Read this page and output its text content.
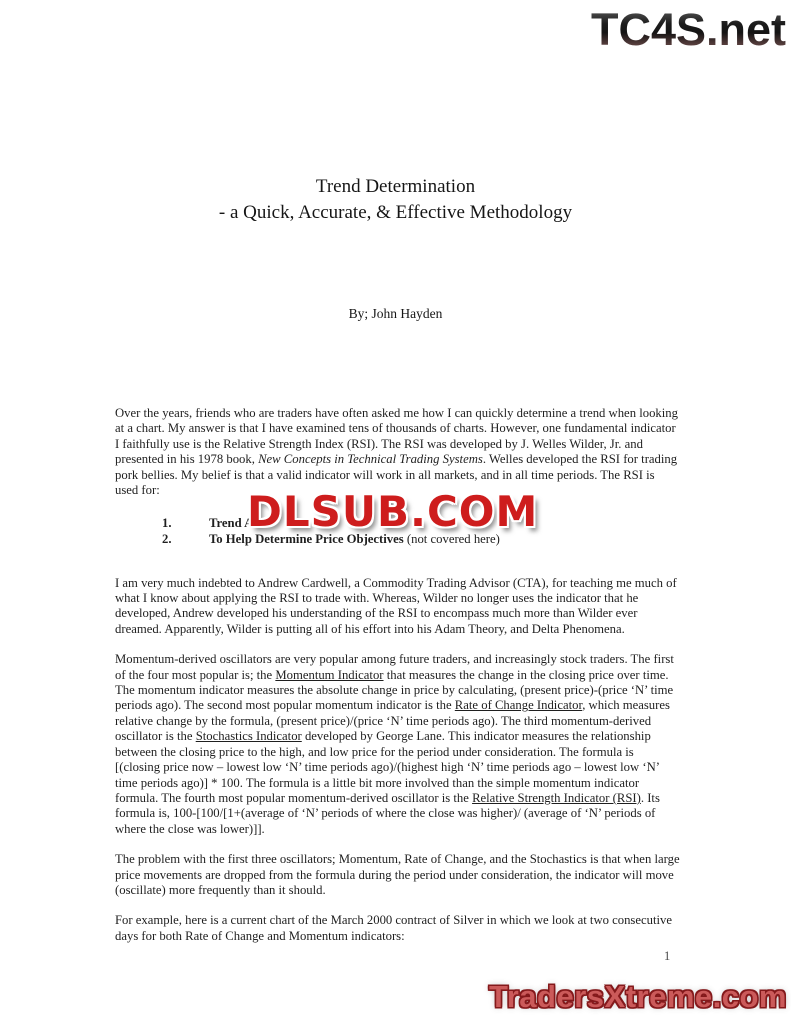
TC4S.net
Trend Determination
- a Quick, Accurate, & Effective Methodology
By; John Hayden

Over the years, friends who are traders have often asked me how I can quickly determine a trend when looking at a chart. My answer is that I have examined tens of thousands of charts. However, one fundamental indicator I faithfully use is the Relative Strength Index (RSI). The RSI was developed by J. Welles Wilder, Jr. and presented in his 1978 book, New Concepts in Technical Trading Systems. Welles developed the RSI for trading pork bellies. My belief is that a valid indicator will work in all markets, and in all time periods. The RSI is used for:

1.	Trend A
2.	To Help Determine Price Objectives (not covered here)

I am very much indebted to Andrew Cardwell, a Commodity Trading Advisor (CTA), for teaching me much of what I know about applying the RSI to trade with. Whereas, Wilder no longer uses the indicator that he developed, Andrew developed his understanding of the RSI to encompass much more than Wilder ever dreamed. Apparently, Wilder is putting all of his effort into his Adam Theory, and Delta Phenomena.

Momentum-derived oscillators are very popular among future traders, and increasingly stock traders. The first of the four most popular is; the Momentum Indicator that measures the change in the closing price over time. The momentum indicator measures the absolute change in price by calculating, (present price)-(price ‘N’ time periods ago). The second most popular momentum indicator is the Rate of Change Indicator, which measures relative change by the formula, (present price)/(price ‘N’ time periods ago). The third momentum-derived oscillator is the Stochastics Indicator developed by George Lane. This indicator measures the relationship between the closing price to the high, and low price for the period under consideration. The formula is [(closing price now – lowest low ‘N’ time periods ago)/(highest high ‘N’ time periods ago – lowest low ‘N’ time periods ago)] * 100. The formula is a little bit more involved than the simple momentum indicator formula. The fourth most popular momentum-derived oscillator is the Relative Strength Indicator (RSI). Its formula is, 100-[100/[1+(average of ‘N’ periods of where the close was higher)/ (average of ‘N’ periods of where the close was lower)]].

The problem with the first three oscillators; Momentum, Rate of Change, and the Stochastics is that when large price movements are dropped from the formula during the period under consideration, the indicator will move (oscillate) more frequently than it should.

For example, here is a current chart of the March 2000 contract of Silver in which we look at two consecutive days for both Rate of Change and Momentum indicators:

DLSUB.COM
1
TradersXtreme.com
